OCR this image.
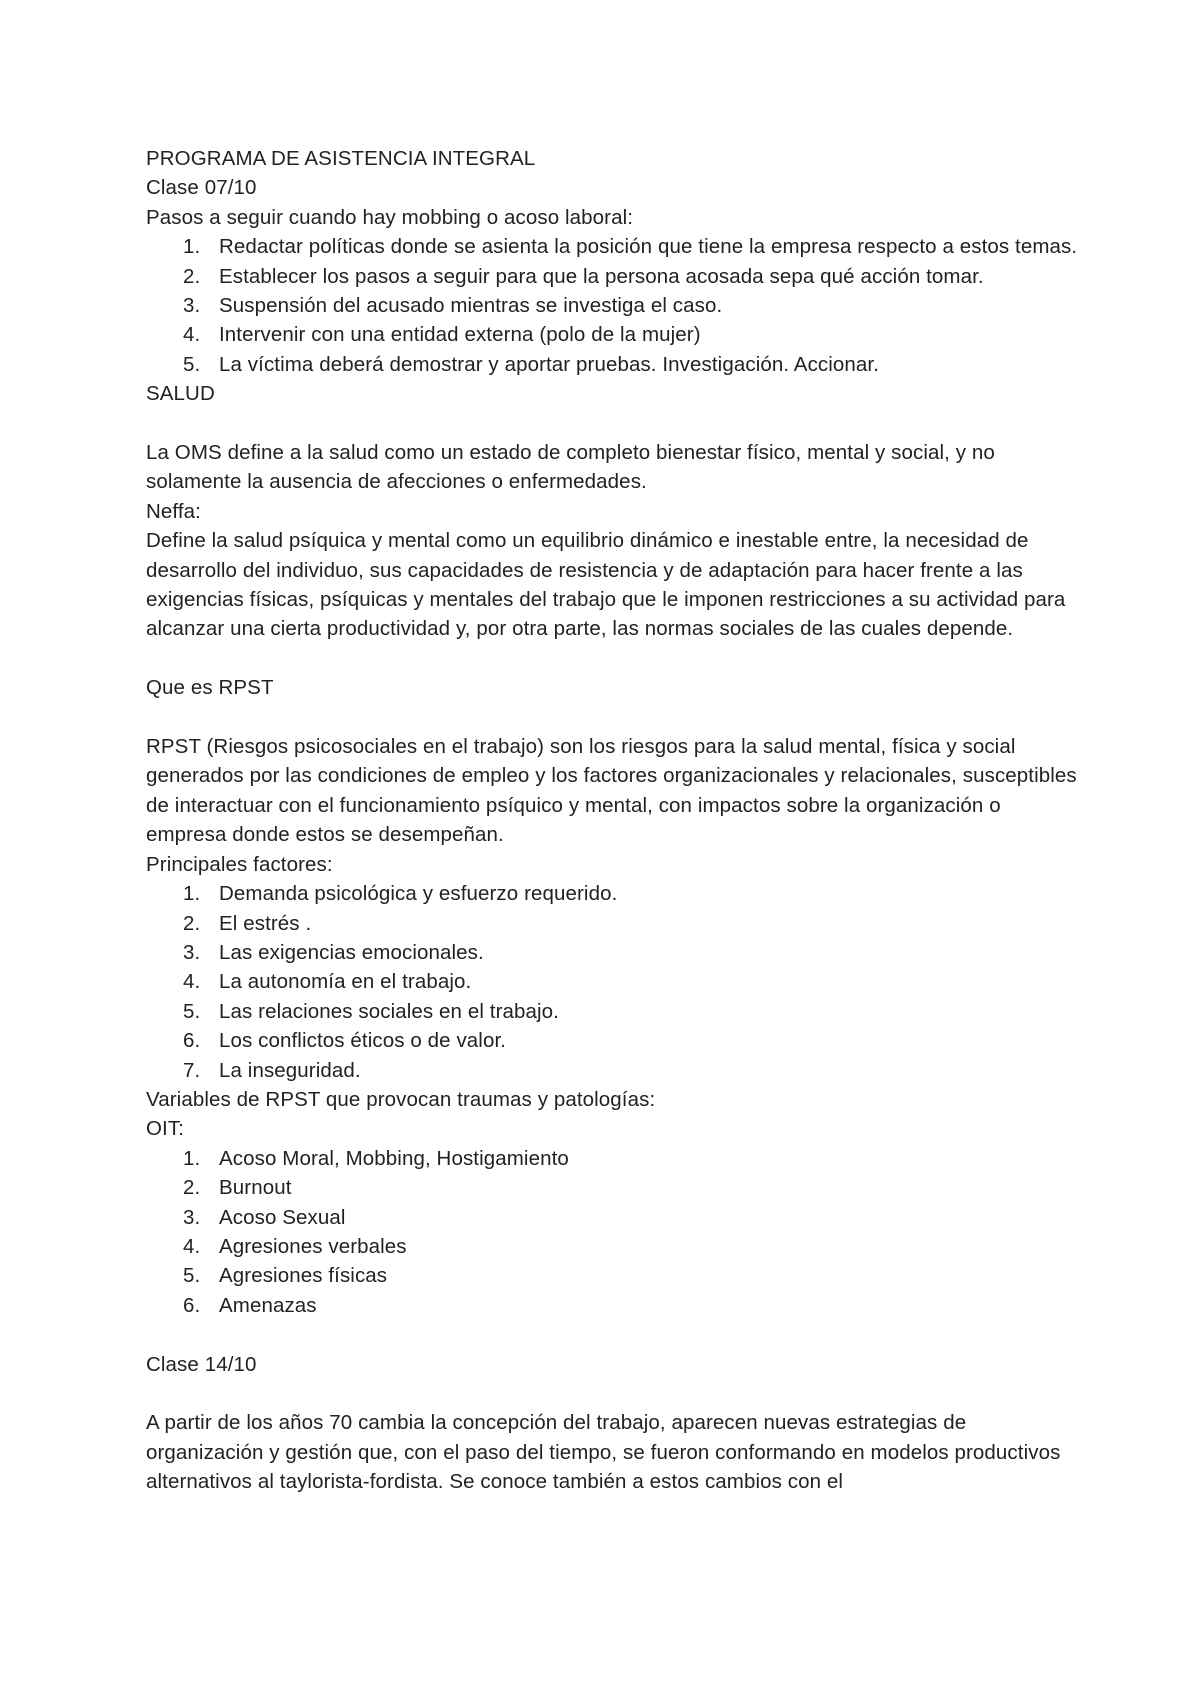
PROGRAMA DE ASISTENCIA INTEGRAL

Clase 07/10

Pasos a seguir cuando hay mobbing o acoso laboral:

1. Redactar políticas donde se asienta la posición que tiene la empresa respecto a estos temas.
2. Establecer los pasos a seguir para que la persona acosada sepa qué acción tomar.
3. Suspensión del acusado mientras se investiga el caso.
4. Intervenir con una entidad externa (polo de la mujer)
5. La víctima deberá demostrar y aportar pruebas. Investigación. Accionar.

SALUD

La OMS define a la salud como un estado de completo bienestar físico, mental y social, y no solamente la ausencia de afecciones o enfermedades.

Neffa:

Define la salud psíquica y mental como un equilibrio dinámico e inestable entre, la necesidad de desarrollo del individuo, sus capacidades de resistencia y de adaptación para hacer frente a las exigencias físicas, psíquicas y mentales del trabajo que le imponen restricciones a su actividad para alcanzar una cierta productividad y, por otra parte, las normas sociales de las cuales depende.

Que es RPST

RPST (Riesgos psicosociales en el trabajo) son los riesgos para la salud mental, física y social generados por las condiciones de empleo y los factores organizacionales y relacionales, susceptibles de interactuar con el funcionamiento psíquico y mental, con impactos sobre la organización o empresa donde estos se desempeñan.

Principales factores:

1. Demanda psicológica y esfuerzo requerido.
2. El estrés .
3. Las exigencias emocionales.
4. La autonomía en el trabajo.
5. Las relaciones sociales en el trabajo.
6. Los conflictos éticos o de valor.
7. La inseguridad.

Variables de RPST que provocan traumas y patologías:

OIT:

1. Acoso Moral, Mobbing, Hostigamiento
2. Burnout
3. Acoso Sexual
4. Agresiones verbales
5. Agresiones físicas
6. Amenazas

Clase 14/10

A partir de los años 70 cambia la concepción del trabajo, aparecen nuevas estrategias de organización y gestión que, con el paso del tiempo, se fueron conformando en modelos productivos alternativos al taylorista-fordista. Se conoce también a estos cambios con el
